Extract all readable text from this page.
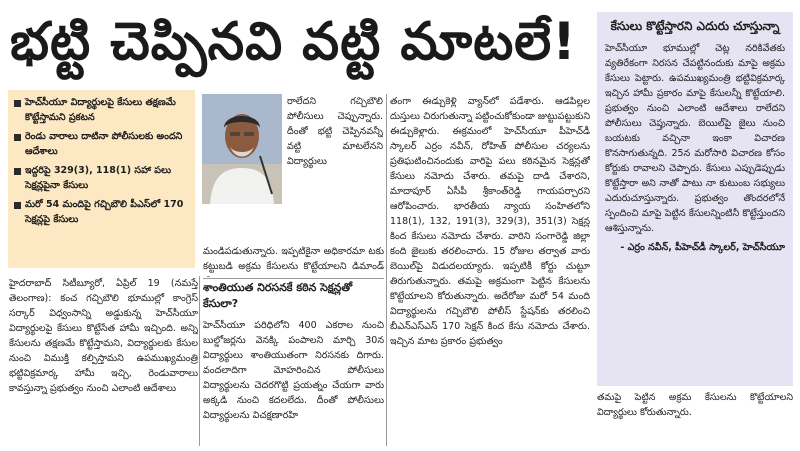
భట్టి చెప్పినవి వట్టి మాటలే!
హెచ్‌సీయూ విద్యార్థులపై కేసులు తక్షణమే కొట్టేస్తామని ప్రకటన
రెండు వారాలు దాటినా పోలీసులకు అందని ఆదేశాలు
ఇద్దరిపై 329(3), 118(1) సహా పలు సెక్షన్లపైనా కేసులు
మరో 54 మందిపై గచ్చిబౌలి పీఎస్‌లో 170 సెక్షన్లపై కేసులు
రాలేదని గచ్చిబౌలి పోలీసులు చెప్పున్నారు. దీంతో భట్టి చెప్పినవన్నీ వట్టి మాటలేనని విద్యార్థులు
మండిపడుతున్నారు. ఇప్పటికైనా అధికారమా టకు కట్టుబడి అక్రమ కేసులను కొట్టేయాలని డిమాండ్
హైదరాబాద్ సిటీబ్యూరో, ఏప్రిల్ 19 (నమస్తే తెలంగాణ): కంచ గచ్చిబౌలి భూముల్లో కాంగ్రెస్ సర్కార్ విధ్వంసాన్ని అడ్డుకున్న హెచ్‌సీయూ విద్యార్థులపై కేసులు కొట్టేసేత హామీ ఇచ్చింది. అన్ని కేసులను తక్షణమే కొట్టేస్తామని, విద్యార్థులకు కేసుల నుంచి విముక్తి కల్పిస్తామని ఉపముఖ్యమంత్రి భట్టివిక్రమార్క హామీ ఇచ్చి, రెండువారాలు కావస్తున్నా ప్రభుత్వం నుంచి ఎలాంటి ఆదేశాలు
శాంతియుత నిరసనకే కఠిన సెక్షన్లతో కేసులా?
హెచ్‌సీయూ పరిధిలోని 400 ఎకరాల నుంచి బుల్డోజర్లను వెనక్కి పంపాలని మార్చి 30న విద్యార్థులు శాంతియుతంగా నిరసనకు దిగారు. వందలాదిగా మోహరించిన పోలీసులు విద్యార్థులను చెదరగొట్టి ప్రయత్నం చేయగా వారు అక్కడి నుంచి కదలలేదు. దీంతో పోలీసులు విద్యార్థులను విచక్షణారహి
తంగా ఈడ్చుకెళ్లి వ్యాన్‌లో పడేశారు. ఆడపిల్లల దుస్తులు చిరుగుతున్నా పట్టించుకోకుండా జుట్టుపట్టుకుని ఈడ్చుకెళ్లారు. ఈక్రమంలో హెచ్‌సీయూ పీహెచ్‌డీ స్కాలర్ ఎర్రం నవీన్, రోహిత్ పోలీసుల చర్యలను ప్రతిఘటించినందుకు వారిపై పలు కఠినమైన సెక్షన్లతో కేసులు నమోదు చేశారు. తమపై దాడి చేశారని, మాదాపూర్ ఏసీపీ శ్రీకాంత్‌రెడ్డి గాయపర్చారని ఆరోపించారు. భారతీయ న్యాయ సంహితలోని 118(1), 132, 191(3), 329(3), 351(3) సెక్షన్ల కింద కేసులు నమోదు చేశారు. వారిని సంగారెడ్డి జిల్లా కంది జైలుకు తరలించారు. 15 రోజుల తర్వాత వారు బెయిల్‌పై విడుదలయ్యారు. ఇప్పటికీ కోర్టు చుట్టూ తిరుగుతున్నారు. తమపై అక్రమంగా పెట్టిన కేసులను కొట్టేయాలని కోరుతున్నారు. అదేరోజు మరో 54 మంది విద్యార్థులను గచ్చిబౌలి పోలీస్ స్టేషన్‌కు తరలించి బీఎన్‌ఎస్‌ఎస్ 170 సెక్షన్ కింద కేసు నమోదు చేశారు. ఇచ్చిన మాట ప్రకారం ప్రభుత్వం
కేసులు కొట్టేస్తారని ఎదురు చూస్తున్నా
హెచ్‌సీయూ భూముల్లో చెట్ల నరికివేతకు వ్యతిరేకంగా నిరసన చేపట్టినందుకు మాపై అక్రమ కేసులు పెట్టారు. ఉపముఖ్యమంత్రి భట్టివిక్రమార్క ఇచ్చిన హామీ ప్రకారం మాపై కేసులన్నీ కొట్టేయాలి. ప్రభుత్వం నుంచి ఎలాంటి ఆదేశాలు రాలేదని పోలీసులు చెప్తున్నారు. బెయిల్‌పై జైలు నుంచి బయటకు వచ్చినా ఇంకా విచారణ కొనసాగుతున్నది. 25న మరోసారి విచారణ కోసం కోర్టుకు రావాలని చెప్పారు. కేసులు ఎప్పుడెప్పుడు కొట్టేస్తారా అని నాతో పాటు నా కుటుంబ సభ్యులు ఎదురుచూస్తున్నారు. ప్రభుత్వం తొందరలోనే స్పందించి మాపై పెట్టిన కేసులన్నింటినీ కొట్టేస్తుందని ఆశిస్తున్నాను.
- ఎర్రం నవీన్, పీహెచ్‌డీ స్కాలర్, హెచ్‌సీయూ
తమపై పెట్టిన అక్రమ కేసులను కొట్టేయాలని విద్యార్థులు కోరుతున్నారు.
